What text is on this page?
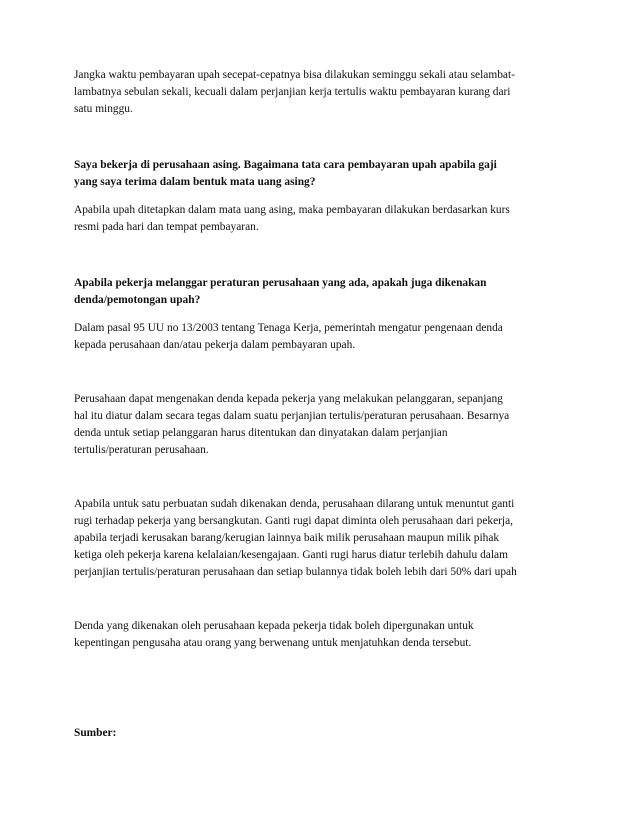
Jangka waktu pembayaran upah secepat-cepatnya bisa dilakukan seminggu sekali atau selambat-
lambatnya sebulan sekali, kecuali dalam perjanjian kerja tertulis waktu pembayaran kurang dari
satu minggu.
Saya bekerja di perusahaan asing. Bagaimana tata cara pembayaran upah apabila gaji
yang saya terima dalam bentuk mata uang asing?
Apabila upah ditetapkan dalam mata uang asing, maka pembayaran dilakukan berdasarkan kurs
resmi pada hari dan tempat pembayaran.
Apabila pekerja melanggar peraturan perusahaan yang ada, apakah juga dikenakan
denda/pemotongan upah?
Dalam pasal 95 UU no 13/2003 tentang Tenaga Kerja, pemerintah mengatur pengenaan denda
kepada perusahaan dan/atau pekerja dalam pembayaran upah.
Perusahaan dapat mengenakan denda kepada pekerja yang melakukan pelanggaran, sepanjang
hal itu diatur dalam secara tegas dalam suatu perjanjian tertulis/peraturan perusahaan. Besarnya
denda untuk setiap pelanggaran harus ditentukan dan dinyatakan dalam perjanjian
tertulis/peraturan perusahaan.
Apabila untuk satu perbuatan sudah dikenakan denda, perusahaan dilarang untuk menuntut ganti
rugi terhadap pekerja yang bersangkutan. Ganti rugi dapat diminta oleh perusahaan dari pekerja,
apabila terjadi kerusakan barang/kerugian lainnya baik milik perusahaan maupun milik pihak
ketiga oleh pekerja karena kelalaian/kesengajaan. Ganti rugi harus diatur terlebih dahulu dalam
perjanjian tertulis/peraturan perusahaan dan setiap bulannya tidak boleh lebih dari 50% dari upah
Denda yang dikenakan oleh perusahaan kepada pekerja tidak boleh dipergunakan untuk
kepentingan pengusaha atau orang yang berwenang untuk menjatuhkan denda tersebut.
Sumber:
